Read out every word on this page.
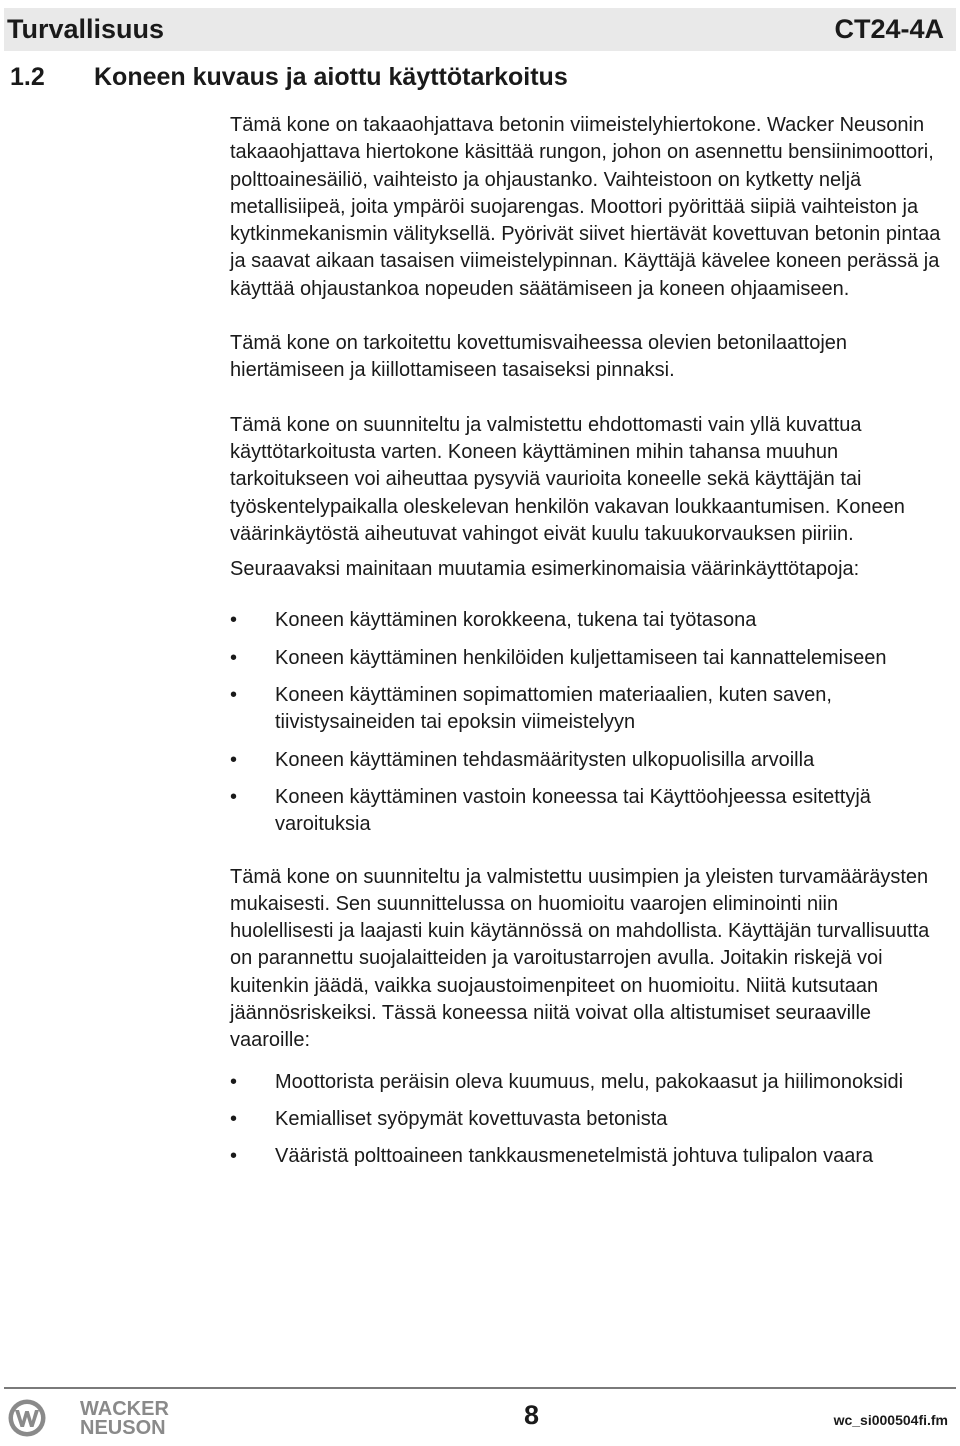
Turvallisuus	CT24-4A
1.2 Koneen kuvaus ja aiottu käyttötarkoitus

Tämä kone on takaaohjattava betonin viimeistelyhiertokone. Wacker Neusonin takaaohjattava hiertokone käsittää rungon, johon on asennettu bensiinimoottori, polttoainesäiliö, vaihteisto ja ohjaustanko. Vaihteistoon on kytketty neljä metallisiipeä, joita ympäröi suojarengas. Moottori pyörittää siipiä vaihteiston ja kytkinmekanismin välityksellä. Pyörivät siivet hiertävät kovettuvan betonin pintaa ja saavat aikaan tasaisen viimeistelypinnan. Käyttäjä kävelee koneen perässä ja käyttää ohjaustankoa nopeuden säätämiseen ja koneen ohjaamiseen.

Tämä kone on tarkoitettu kovettumisvaiheessa olevien betonilaattojen hiertämiseen ja kiillottamiseen tasaiseksi pinnaksi.

Tämä kone on suunniteltu ja valmistettu ehdottomasti vain yllä kuvattua käyttötarkoitusta varten. Koneen käyttäminen mihin tahansa muuhun tarkoitukseen voi aiheuttaa pysyviä vaurioita koneelle sekä käyttäjän tai työskentelypaikalla oleskelevan henkilön vakavan loukkaantumisen. Koneen väärinkäytöstä aiheutuvat vahingot eivät kuulu takuukorvauksen piiriin.

Seuraavaksi mainitaan muutamia esimerkinomaisia väärinkäyttötapoja:

• Koneen käyttäminen korokkeena, tukena tai työtasona
• Koneen käyttäminen henkilöiden kuljettamiseen tai kannattelemiseen
• Koneen käyttäminen sopimattomien materiaalien, kuten saven, tiivistysaineiden tai epoksin viimeistelyyn
• Koneen käyttäminen tehdasmääritysten ulkopuolisilla arvoilla
• Koneen käyttäminen vastoin koneessa tai Käyttöohjeessa esitettyjä varoituksia

Tämä kone on suunniteltu ja valmistettu uusimpien ja yleisten turvamääräysten mukaisesti. Sen suunnittelussa on huomioitu vaarojen eliminointi niin huolellisesti ja laajasti kuin käytännössä on mahdollista. Käyttäjän turvallisuutta on parannettu suojalaitteiden ja varoitustarrojen avulla. Joitakin riskejä voi kuitenkin jäädä, vaikka suojaustoimenpiteet on huomioitu. Niitä kutsutaan jäännösriskeiksi. Tässä koneessa niitä voivat olla altistumiset seuraaville vaaroille:

• Moottorista peräisin oleva kuumuus, melu, pakokaasut ja hiilimonoksidi
• Kemialliset syöpymät kovettuvasta betonista
• Vääristä polttoaineen tankkausmenetelmistä johtuva tulipalon vaara
WACKER
NEUSON	8	wc_si000504fi.fm
